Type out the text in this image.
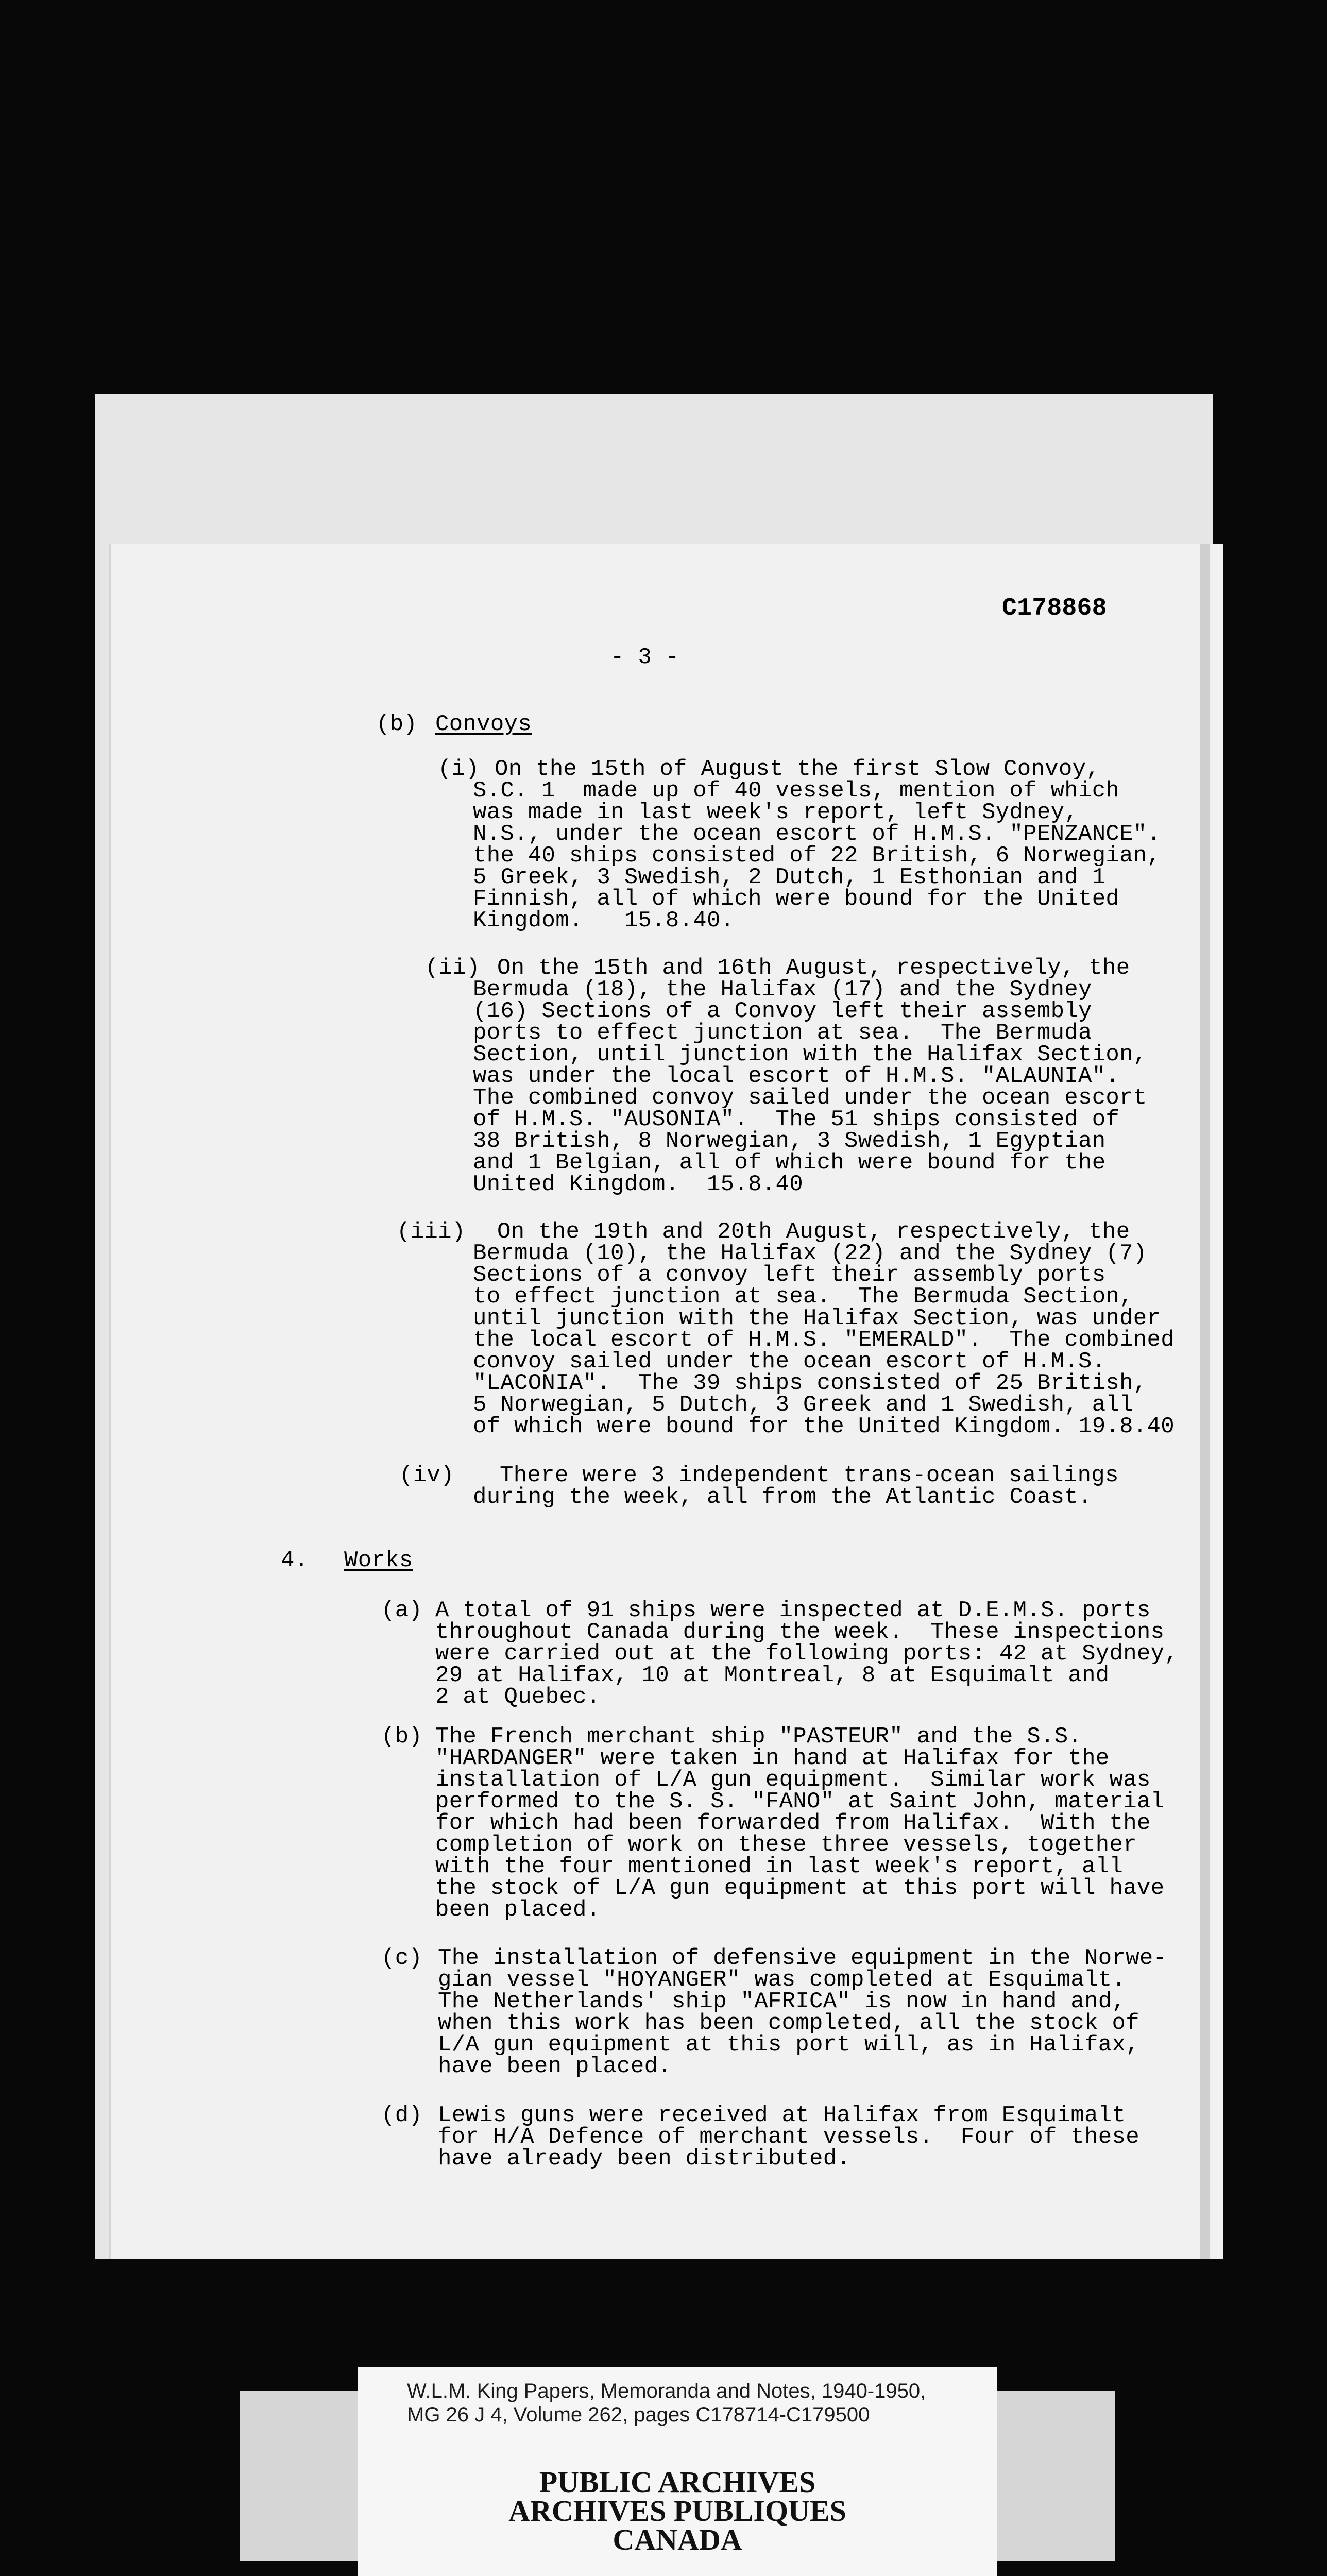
C178868
- 3 -
(b) Convoys
(i) On the 15th of August the first Slow Convoy,
S.C. 1  made up of 40 vessels, mention of which
was made in last week's report, left Sydney,
N.S., under the ocean escort of H.M.S. "PENZANCE".
the 40 ships consisted of 22 British, 6 Norwegian,
5 Greek, 3 Swedish, 2 Dutch, 1 Esthonian and 1
Finnish, all of which were bound for the United
Kingdom.   15.8.40.
(ii) On the 15th and 16th August, respectively, the
Bermuda (18), the Halifax (17) and the Sydney
(16) Sections of a Convoy left their assembly
ports to effect junction at sea.  The Bermuda
Section, until junction with the Halifax Section,
was under the local escort of H.M.S. "ALAUNIA".
The combined convoy sailed under the ocean escort
of H.M.S. "AUSONIA".  The 51 ships consisted of
38 British, 8 Norwegian, 3 Swedish, 1 Egyptian
and 1 Belgian, all of which were bound for the
United Kingdom.  15.8.40
(iii) On the 19th and 20th August, respectively, the
Bermuda (10), the Halifax (22) and the Sydney (7)
Sections of a convoy left their assembly ports
to effect junction at sea.  The Bermuda Section,
until junction with the Halifax Section, was under
the local escort of H.M.S. "EMERALD".  The combined
convoy sailed under the ocean escort of H.M.S.
"LACONIA".  The 39 ships consisted of 25 British,
5 Norwegian, 5 Dutch, 3 Greek and 1 Swedish, all
of which were bound for the United Kingdom. 19.8.40
(iv) There were 3 independent trans-ocean sailings
during the week, all from the Atlantic Coast.
4. Works
(a) A total of 91 ships were inspected at D.E.M.S. ports
throughout Canada during the week.  These inspections
were carried out at the following ports: 42 at Sydney,
29 at Halifax, 10 at Montreal, 8 at Esquimalt and
2 at Quebec.
(b) The French merchant ship "PASTEUR" and the S.S.
"HARDANGER" were taken in hand at Halifax for the
installation of L/A gun equipment.  Similar work was
performed to the S. S. "FANO" at Saint John, material
for which had been forwarded from Halifax.  With the
completion of work on these three vessels, together
with the four mentioned in last week's report, all
the stock of L/A gun equipment at this port will have
been placed.
(c) The installation of defensive equipment in the Norwe-
gian vessel "HOYANGER" was completed at Esquimalt.
The Netherlands' ship "AFRICA" is now in hand and,
when this work has been completed, all the stock of
L/A gun equipment at this port will, as in Halifax,
have been placed.
(d) Lewis guns were received at Halifax from Esquimalt
for H/A Defence of merchant vessels.  Four of these
have already been distributed.
W.L.M. King Papers, Memoranda and Notes, 1940-1950,
MG 26 J 4, Volume 262, pages C178714-C179500
PUBLIC ARCHIVES
ARCHIVES PUBLIQUES
CANADA
